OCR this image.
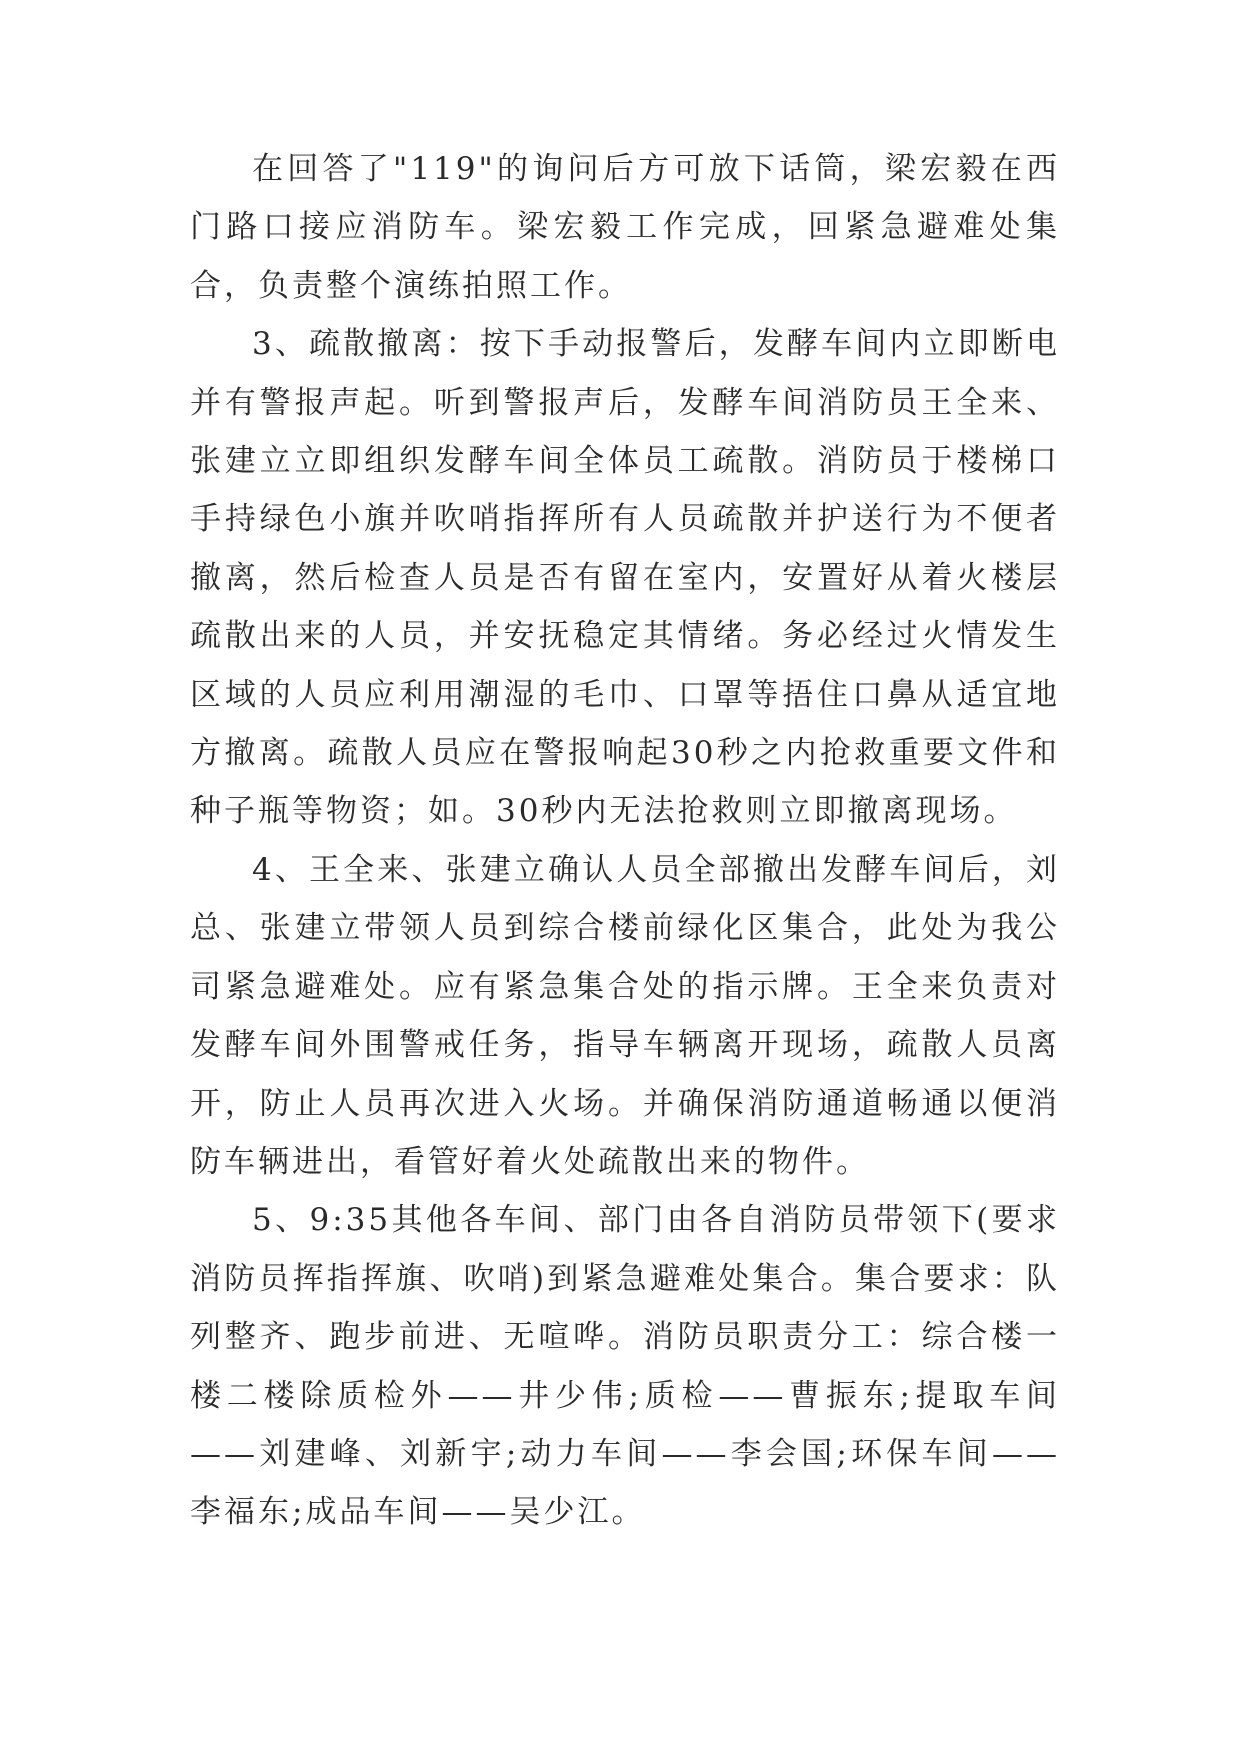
在回答了"119"的询问后方可放下话筒，梁宏毅在西门路口接应消防车。梁宏毅工作完成，回紧急避难处集合，负责整个演练拍照工作。

3、疏散撤离：按下手动报警后，发酵车间内立即断电并有警报声起。听到警报声后，发酵车间消防员王全来、张建立立即组织发酵车间全体员工疏散。消防员于楼梯口手持绿色小旗并吹哨指挥所有人员疏散并护送行为不便者撤离，然后检查人员是否有留在室内，安置好从着火楼层疏散出来的人员，并安抚稳定其情绪。务必经过火情发生区域的人员应利用潮湿的毛巾、口罩等捂住口鼻从适宜地方撤离。疏散人员应在警报响起30秒之内抢救重要文件和种子瓶等物资；如。30秒内无法抢救则立即撤离现场。

4、王全来、张建立确认人员全部撤出发酵车间后，刘总、张建立带领人员到综合楼前绿化区集合，此处为我公司紧急避难处。应有紧急集合处的指示牌。王全来负责对发酵车间外围警戒任务，指导车辆离开现场，疏散人员离开，防止人员再次进入火场。并确保消防通道畅通以便消防车辆进出，看管好着火处疏散出来的物件。

5、9:35其他各车间、部门由各自消防员带领下(要求消防员挥指挥旗、吹哨)到紧急避难处集合。集合要求：队列整齐、跑步前进、无喧哗。消防员职责分工：综合楼一楼二楼除质检外——井少伟;质检——曹振东;提取车间——刘建峰、刘新宇;动力车间——李会国;环保车间——李福东;成品车间——吴少江。
